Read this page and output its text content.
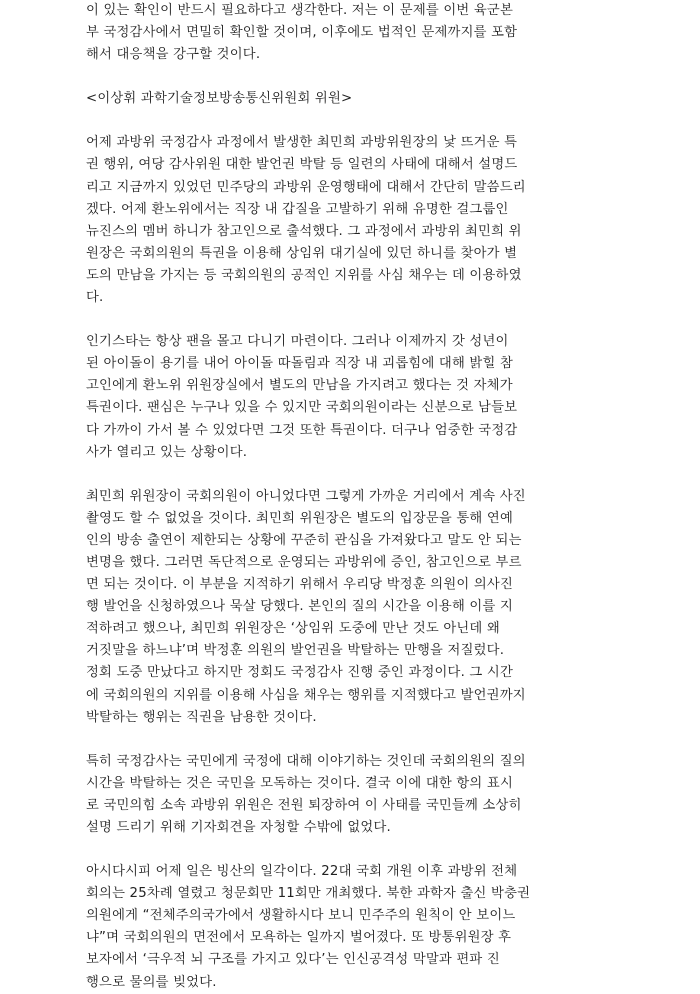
이 있는 확인이 반드시 필요하다고 생각한다. 저는 이 문제를 이번 육군본
부 국정감사에서 면밀히 확인할 것이며, 이후에도 법적인 문제까지를 포함
해서 대응책을 강구할 것이다.

<이상휘 과학기술정보방송통신위원회 위원>

어제 과방위 국정감사 과정에서 발생한 최민희 과방위원장의 낯 뜨거운 특
권 행위, 여당 감사위원 대한 발언권 박탈 등 일련의 사태에 대해서 설명드
리고 지금까지 있었던 민주당의 과방위 운영행태에 대해서 간단히 말씀드리
겠다. 어제 환노위에서는 직장 내 갑질을 고발하기 위해 유명한 걸그룹인
뉴진스의 멤버 하니가 참고인으로 출석했다. 그 과정에서 과방위 최민희 위
원장은 국회의원의 특권을 이용해 상임위 대기실에 있던 하니를 찾아가 별
도의 만남을 가지는 등 국회의원의 공적인 지위를 사심 채우는 데 이용하였
다.

인기스타는 항상 팬을 몰고 다니기 마련이다. 그러나 이제까지 갓 성년이
된 아이돌이 용기를 내어 아이돌 따돌림과 직장 내 괴롭힘에 대해 밝힐 참
고인에게 환노위 위원장실에서 별도의 만남을 가지려고 했다는 것 자체가
특권이다. 팬심은 누구나 있을 수 있지만 국회의원이라는 신분으로 남들보
다 가까이 가서 볼 수 있었다면 그것 또한 특권이다. 더구나 엄중한 국정감
사가 열리고 있는 상황이다.

최민희 위원장이 국회의원이 아니었다면 그렇게 가까운 거리에서 계속 사진
촬영도 할 수 없었을 것이다. 최민희 위원장은 별도의 입장문을 통해 연예
인의 방송 출연이 제한되는 상황에 꾸준히 관심을 가져왔다고 말도 안 되는
변명을 했다. 그러면 독단적으로 운영되는 과방위에 증인, 참고인으로 부르
면 되는 것이다. 이 부분을 지적하기 위해서 우리당 박정훈 의원이 의사진
행 발언을 신청하였으나 묵살 당했다. 본인의 질의 시간을 이용해 이를 지
적하려고 했으나, 최민희 위원장은 ‘상임위 도중에 만난 것도 아닌데 왜
거짓말을 하느냐’며 박정훈 의원의 발언권을 박탈하는 만행을 저질렀다.
정회 도중 만났다고 하지만 정회도 국정감사 진행 중인 과정이다. 그 시간
에 국회의원의 지위를 이용해 사심을 채우는 행위를 지적했다고 발언권까지
박탈하는 행위는 직권을 남용한 것이다.

특히 국정감사는 국민에게 국정에 대해 이야기하는 것인데 국회의원의 질의
시간을 박탈하는 것은 국민을 모독하는 것이다. 결국 이에 대한 항의 표시
로 국민의힘 소속 과방위 위원은 전원 퇴장하여 이 사태를 국민들께 소상히
설명 드리기 위해 기자회견을 자청할 수밖에 없었다.

아시다시피 어제 일은 빙산의 일각이다. 22대 국회 개원 이후 과방위 전체
회의는 25차례 열렸고 청문회만 11회만 개최했다. 북한 과학자 출신 박충권
의원에게 “전체주의국가에서 생활하시다 보니 민주주의 원칙이 안 보이느
냐”며 국회의원의 면전에서 모욕하는 일까지 벌어졌다. 또 방통위원장 후
보자에서 ‘극우적 뇌 구조를 가지고 있다’는 인신공격성 막말과 편파 진
행으로 물의를 빚었다.
